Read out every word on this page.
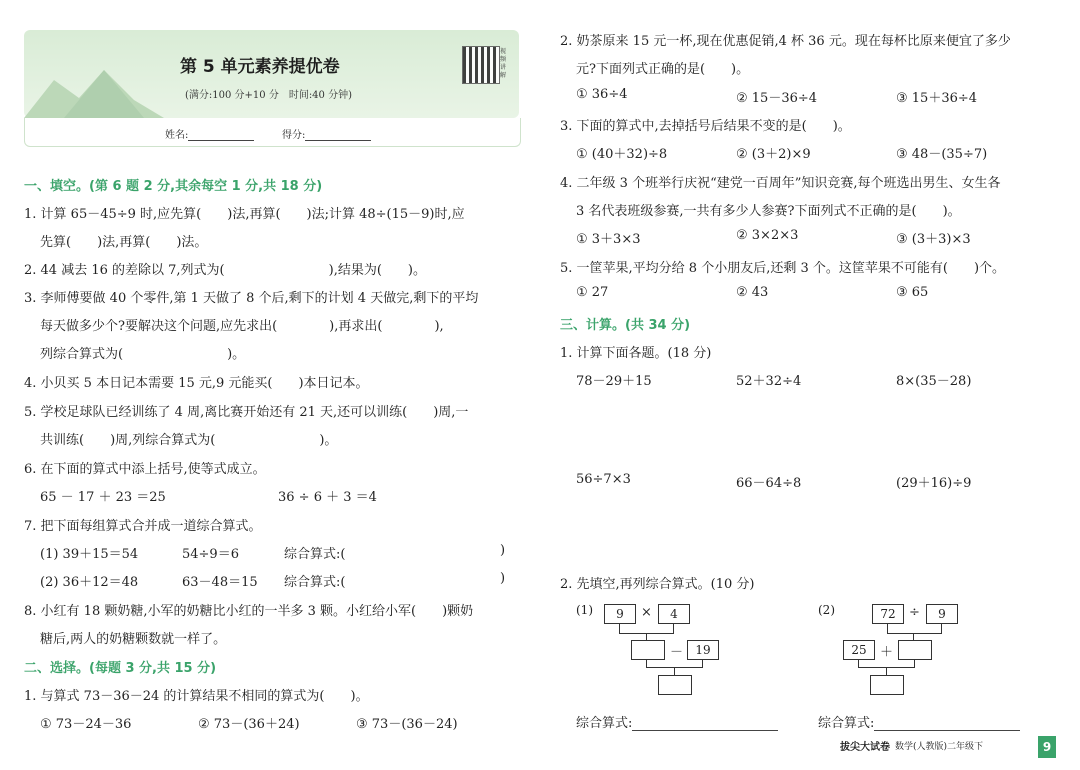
第 5 单元素养提优卷
(满分:100 分+10 分　时间:40 分钟)
视频讲解
姓名:	得分:
一、填空。(第 6 题 2 分,其余每空 1 分,共 18 分)
1. 计算 65－45÷9 时,应先算(　　)法,再算(　　)法;计算 48÷(15－9)时,应
先算(　　)法,再算(　　)法。
2. 44 减去 16 的差除以 7,列式为(　　　　　　　　),结果为(　　)。
3. 李师傅要做 40 个零件,第 1 天做了 8 个后,剩下的计划 4 天做完,剩下的平均
每天做多少个?要解决这个问题,应先求出(　　　　),再求出(　　　　),
列综合算式为(　　　　　　　　)。
4. 小贝买 5 本日记本需要 15 元,9 元能买(　　)本日记本。
5. 学校足球队已经训练了 4 周,离比赛开始还有 21 天,还可以训练(　　)周,一
共训练(　　)周,列综合算式为(　　　　　　　　)。
6. 在下面的算式中添上括号,使等式成立。
65 － 17 ＋ 23 ＝25	36 ÷ 6 ＋ 3 ＝4
7. 把下面每组算式合并成一道综合算式。
(1) 39＋15＝54	54÷9＝6	综合算式:(	)
(2) 36＋12＝48	63－48＝15 综合算式:(	)
8. 小红有 18 颗奶糖,小军的奶糖比小红的一半多 3 颗。小红给小军(　　)颗奶
糖后,两人的奶糖颗数就一样了。
二、选择。(每题 3 分,共 15 分)
1. 与算式 73－36－24 的计算结果不相同的算式为(　　)。
① 73－24－36	② 73－(36＋24)	③ 73－(36－24)
2. 奶茶原来 15 元一杯,现在优惠促销,4 杯 36 元。现在每杯比原来便宜了多少
元?下面列式正确的是(　　)。
① 36÷4	② 15－36÷4	③ 15＋36÷4
3. 下面的算式中,去掉括号后结果不变的是(　　)。
① (40＋32)÷8	② (3＋2)×9	③ 48－(35÷7)
4. 二年级 3 个班举行庆祝“建党一百周年”知识竞赛,每个班选出男生、女生各
3 名代表班级参赛,一共有多少人参赛?下面列式不正确的是(　　)。
① 3＋3×3	② 3×2×3	③ (3＋3)×3
5. 一筐苹果,平均分给 8 个小朋友后,还剩 3 个。这筐苹果不可能有(　　)个。
① 27	② 43	③ 65
三、计算。(共 34 分)
1. 计算下面各题。(18 分)
78－29＋15	52＋32÷4	8×(35－28)
56÷7×3	66－64÷8	(29＋16)÷9
2. 先填空,再列综合算式。(10 分)
(1)	9	×	4
－	19
(2)	72	÷	9
25	＋
综合算式:	综合算式:
拔尖大试卷 数学(人教版)二年级下	9
